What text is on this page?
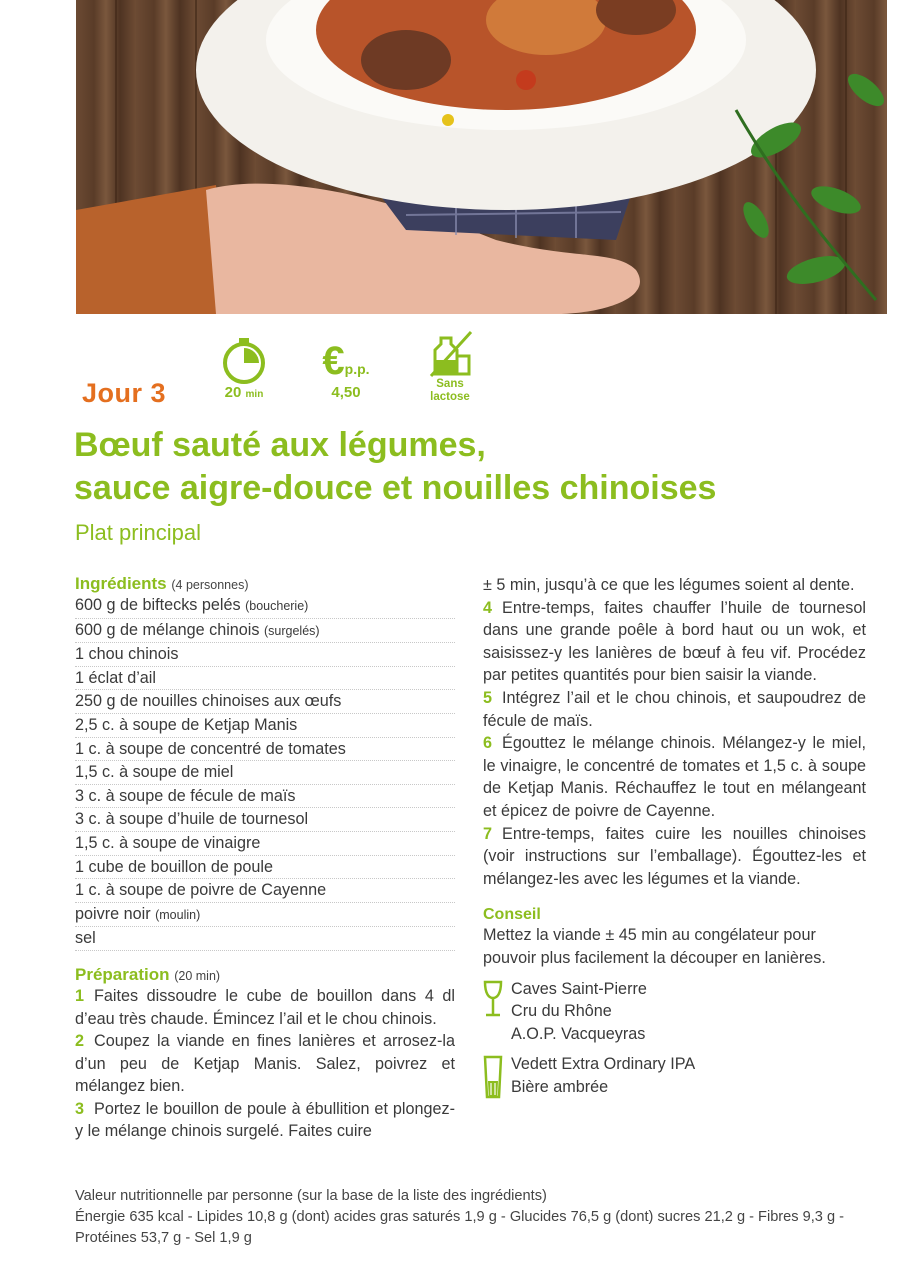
Jour 3	20 min
€p.p.
4,50	Sans
lactose
Bœuf sauté aux légumes,
sauce aigre-douce et nouilles chinoises
Plat principal
Ingrédients (4 personnes)
600 g de biftecks pelés (boucherie)
600 g de mélange chinois (surgelés)
1 chou chinois
1 éclat d’ail
250 g de nouilles chinoises aux œufs
2,5 c. à soupe de Ketjap Manis
1 c. à soupe de concentré de tomates
1,5 c. à soupe de miel
3 c. à soupe de fécule de maïs
3 c. à soupe d’huile de tournesol
1,5 c. à soupe de vinaigre
1 cube de bouillon de poule
1 c. à soupe de poivre de Cayenne
poivre noir (moulin)
sel
Préparation (20 min)

1 Faites dissoudre le cube de bouillon dans 4 dl d’eau très chaude. Émincez l’ail et le chou chinois.

2 Coupez la viande en fines lanières et arrosez-la d’un peu de Ketjap Manis. Salez, poivrez et mélangez bien.

3 Portez le bouillon de poule à ébullition et plongez-y le mélange chinois surgelé. Faites cuire

± 5 min, jusqu’à ce que les légumes soient al dente.

4 Entre-temps, faites chauffer l’huile de tournesol dans une grande poêle à bord haut ou un wok, et saisissez-y les lanières de bœuf à feu vif. Procédez par petites quantités pour bien saisir la viande.

5 Intégrez l’ail et le chou chinois, et saupoudrez de fécule de maïs.

6 Égouttez le mélange chinois. Mélangez-y le miel, le vinaigre, le concentré de tomates et 1,5 c. à soupe de Ketjap Manis. Réchauffez le tout en mélangeant et épicez de poivre de Cayenne.

7 Entre-temps, faites cuire les nouilles chinoises (voir instructions sur l’emballage). Égouttez-les et mélangez-les avec les légumes et la viande.

Conseil

Mettez la viande ± 45 min au congélateur pour pouvoir plus facilement la découper en lanières.

Caves Saint-Pierre
Cru du Rhône
A.O.P. Vacqueyras
Vedett Extra Ordinary IPA
Bière ambrée
Valeur nutritionnelle par personne (sur la base de la liste des ingrédients)
Énergie 635 kcal - Lipides 10,8 g (dont) acides gras saturés 1,9 g - Glucides 76,5 g (dont) sucres 21,2 g - Fibres 9,3 g - Protéines 53,7 g - Sel 1,9 g
